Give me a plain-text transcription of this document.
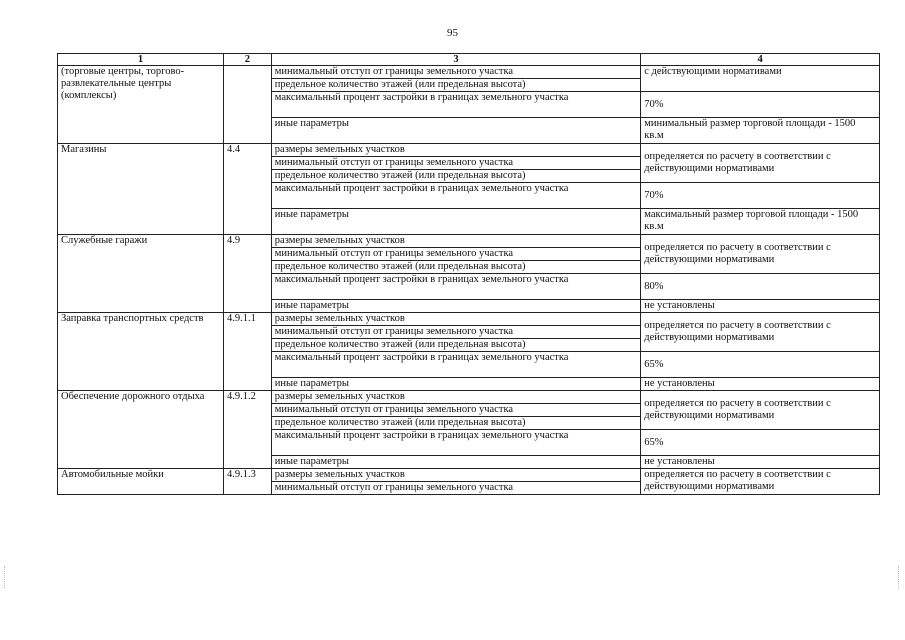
95
1	2	3	4
(торговые центры, торгово-развлекательные центры (комплексы)		минимальный отступ от границы земельного участка	с действующими нормативами
		предельное количество этажей (или предельная высота)	
		максимальный процент застройки в границах земельного участка	70%
		иные параметры	минимальный размер торговой площади - 1500 кв.м
Магазины	4.4	размеры земельных участков	определяется по расчету в соответствии с действующими нормативами
		минимальный отступ от границы земельного участка	
		предельное количество этажей (или предельная высота)	
		максимальный процент застройки в границах земельного участка	70%
		иные параметры	максимальный размер торговой площади - 1500 кв.м
Служебные гаражи	4.9	размеры земельных участков	определяется по расчету в соответствии с действующими нормативами
		минимальный отступ от границы земельного участка	
		предельное количество этажей (или предельная высота)	
		максимальный процент застройки в границах земельного участка	80%
		иные параметры	не установлены
Заправка транспортных средств	4.9.1.1	размеры земельных участков	определяется по расчету в соответствии с действующими нормативами
		минимальный отступ от границы земельного участка	
		предельное количество этажей (или предельная высота)	
		максимальный процент застройки в границах земельного участка	65%
		иные параметры	не установлены
Обеспечение дорожного отдыха	4.9.1.2	размеры земельных участков	определяется по расчету в соответствии с действующими нормативами
		минимальный отступ от границы земельного участка	
		предельное количество этажей (или предельная высота)	
		максимальный процент застройки в границах земельного участка	65%
		иные параметры	не установлены
Автомобильные мойки	4.9.1.3	размеры земельных участков	определяется по расчету в соответствии с действующими нормативами
		минимальный отступ от границы земельного участка	
